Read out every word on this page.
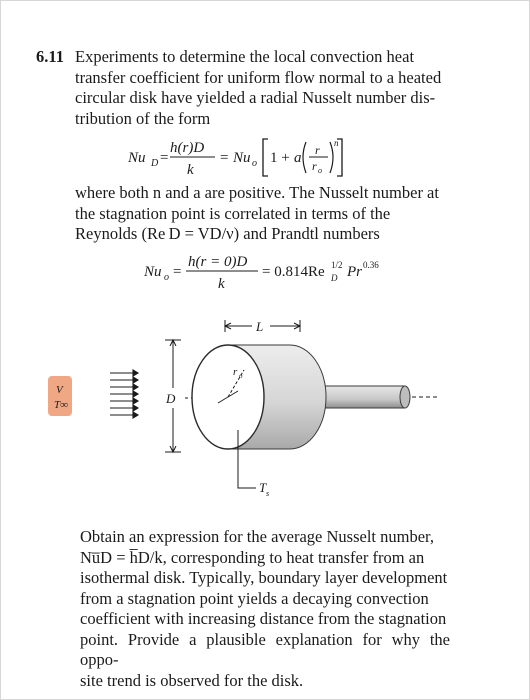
6.11 Experiments to determine the local convection heat
transfer coefficient for uniform flow normal to a heated
circular disk have yielded a radial Nusselt number dis-
tribution of the form
Nu D =
h(r)D
k
= Nu o 1 + a r
r o
n
where both n and a are positive. The Nusselt number at
the stagnation point is correlated in terms of the
Reynolds (Re D = VD/ν) and Prandtl numbers
Nu o =
h(r = 0)D
k
= 0.814Re D
1/2 Pr 0.36
V
T∞	D
L
r o
T s
Obtain an expression for the average Nusselt number,
Nu̅D = h̅D/k, corresponding to heat transfer from an
isothermal disk. Typically, boundary layer development
from a stagnation point yields a decaying convection
coefficient with increasing distance from the stagnation
point. Provide a plausible explanation for why the oppo-
site trend is observed for the disk.
